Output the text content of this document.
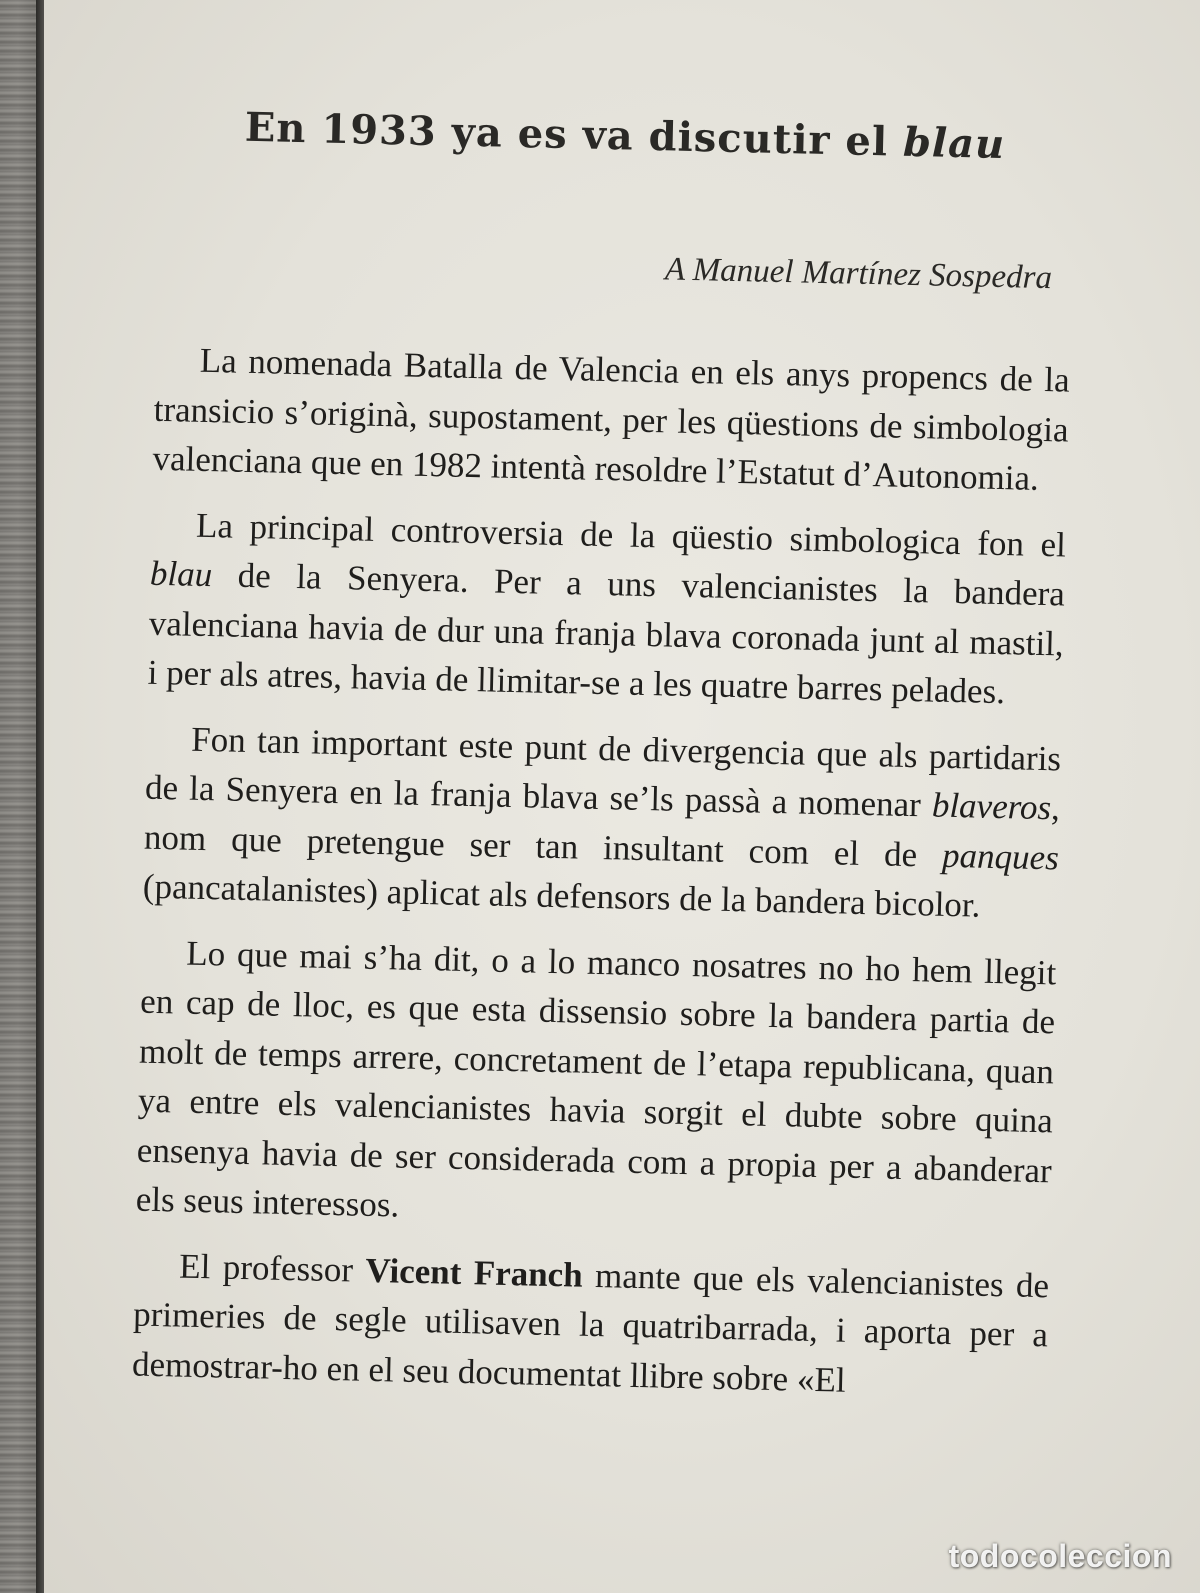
En 1933 ya es va discutir el blau

A Manuel Martínez Sospedra

La nomenada Batalla de Valencia en els anys propencs de la transicio s’originà, supostament, per les qüestions de simbologia valenciana que en 1982 intentà resoldre l’Estatut d’Autonomia.

La principal controversia de la qüestio simbologica fon el blau de la Senyera. Per a uns valencianistes la bandera valenciana havia de dur una franja blava coronada junt al mastil, i per als atres, havia de llimitar-se a les quatre barres pelades.

Fon tan important este punt de divergencia que als partidaris de la Senyera en la franja blava se’ls passà a nomenar blaveros, nom que pretengue ser tan insultant com el de panques (pancatalanistes) aplicat als defensors de la bandera bicolor.

Lo que mai s’ha dit, o a lo manco nosatres no ho hem llegit en cap de lloc, es que esta dissensio sobre la bandera partia de molt de temps arrere, concretament de l’etapa republicana, quan ya entre els valencianistes havia sorgit el dubte sobre quina ensenya havia de ser considerada com a propia per a abanderar els seus interessos.

El professor Vicent Franch mante que els valencianistes de primeries de segle utilisaven la quatribarrada, i aporta per a demostrar-ho en el seu documentat llibre sobre «El

todocoleccion
